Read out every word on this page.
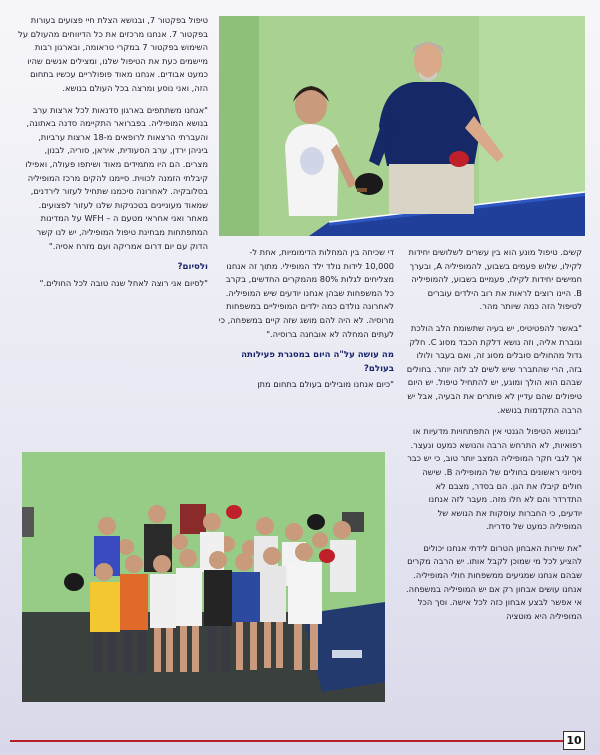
טיפול בפקטור 7, ובנושא הצלת חיי פצועים בעורות בפקטור 7. אנחנו מרכזים את כל הדיווחים מהעולם על השימוש בפקטור 7 במקרי טראומה, ובארגון רבות מיישמים כעת את הטיפול שלנו, ומצילים אנשים שהיו כמעט אבודים. אנחנו מאוד פופולריים עכשיו בתחום הזה, ואני נוסע ומרצה בכל העולם בנושא.

"אנחנו משתתפים בארגון סדנאות לכל ארצות ערב בנושא המופיליה. בפברואר התקיימה סדנה באתונה, והעברתי הרצאות לרופאים מ-18 ארצות ערביות, ביניהן ירדן, ערב הסעודית, איראן, סוריה, לבנון, מצרים. הם היו מתמידים מאוד ושיתפו פעולה, ואפילו קיבלתי הזמנה לכווית. סיימנו להקים מרכז המופיליה בסלובקיה. לאחרונה סיכמנו שתחיל לעזור לירדנים, שמאוד מעוניינים בטכניקות שלנו לעזור לפצועים. מאחר ואני אחראי מטעם ה – WFH על המדינות המתפתחות מבחינת טיפול המופיליה, יש לנו קשר הדוק עם יום דרום אמריקה ועם מזרח אסיה."

ולסיום?

"לסיום אני רוצה לאחל שנה טובה לכל החולים."

די שכיחה בין המחלות הדימומיות, אחת ל- 10,000 לידות נולד ילד המופילי. מתוך זה אנחנו מצליחים לגלות 80% מהמקרים החדשים, בקרב כל המשפחות שבהן אנחנו יודעים שיש המופיליה. לאחרונה נולדם כמה ילדים המופיליים במשפחות מרוסיה. לא היה להם מושג שזה קיים במשפחה, כי לעתים המחלה לא אובחנה ברוסיה."

מה עושה על"ה היום במסגרת פעילותה בעולם?

"כיום אנחנו מובילים בעולם בתחום מתן

קשים. טיפול מונע הוא בין עשרים לשלושים יחידות לקילו, שלוש פעמים בשבוע, להמופיליה A, ובערך חמישים יחידות לקילו, פעמיים בשבוע, להמופיליה B. היינו רוצים לראות את רוב הילדים עוברים לטיפול הזה כמה שיותר מהר.

"באשר להפטיטיס, יש בעיה שתשומת הלב הולכת וגוברת אליה, וזה נושא דלקת הכבד מסוג C. חלק גדול מהחולים סובלים מסוג זה, ואם בעבר ולולו בזה, הרי שהתברר שיש לשים לב לזה יותר. בחולים שבהם הוא הולך ומוגע, יש להתחיל טיפול. יש היום טיפולים שהם עדיין לא פותרים את הבעיה, אבל יש הרבה התקדמות בנושא.

"ובנושא הטיפול הגנטי אין התפתחויות מדעיות או רפואיות, לא התרחש הרבה והנושא כמעט ונעצר. אך לגבי חקר המופיליה המצב יותר טוב, כי יש כבר ניסיוני ראשונים בחולים של המופיליה B. שישה חולים קיבלו את הגן. הם בסדר, מצבם לא התדרדר והם לא חלו מזה. מעבר לזה אנחנו יודעים, כי החברות עוסקות את הנושא של המופיליה כמעט של סדרית.

"את שירות האבחון הטרום לידתי אנחנו יכולים להציע לכל מי שמוכן לקבל אותו. יש הרבה מקרים שבהם אנחנו שמגיעים ממשפחות חולי המופיליה. אנחנו עושים אבחון רק אם יש המופיליה במשפחה. אי אפשר לבצע אבחון כזה לכל אישה. וסך הכל המופיליה היא מוטציה

10
